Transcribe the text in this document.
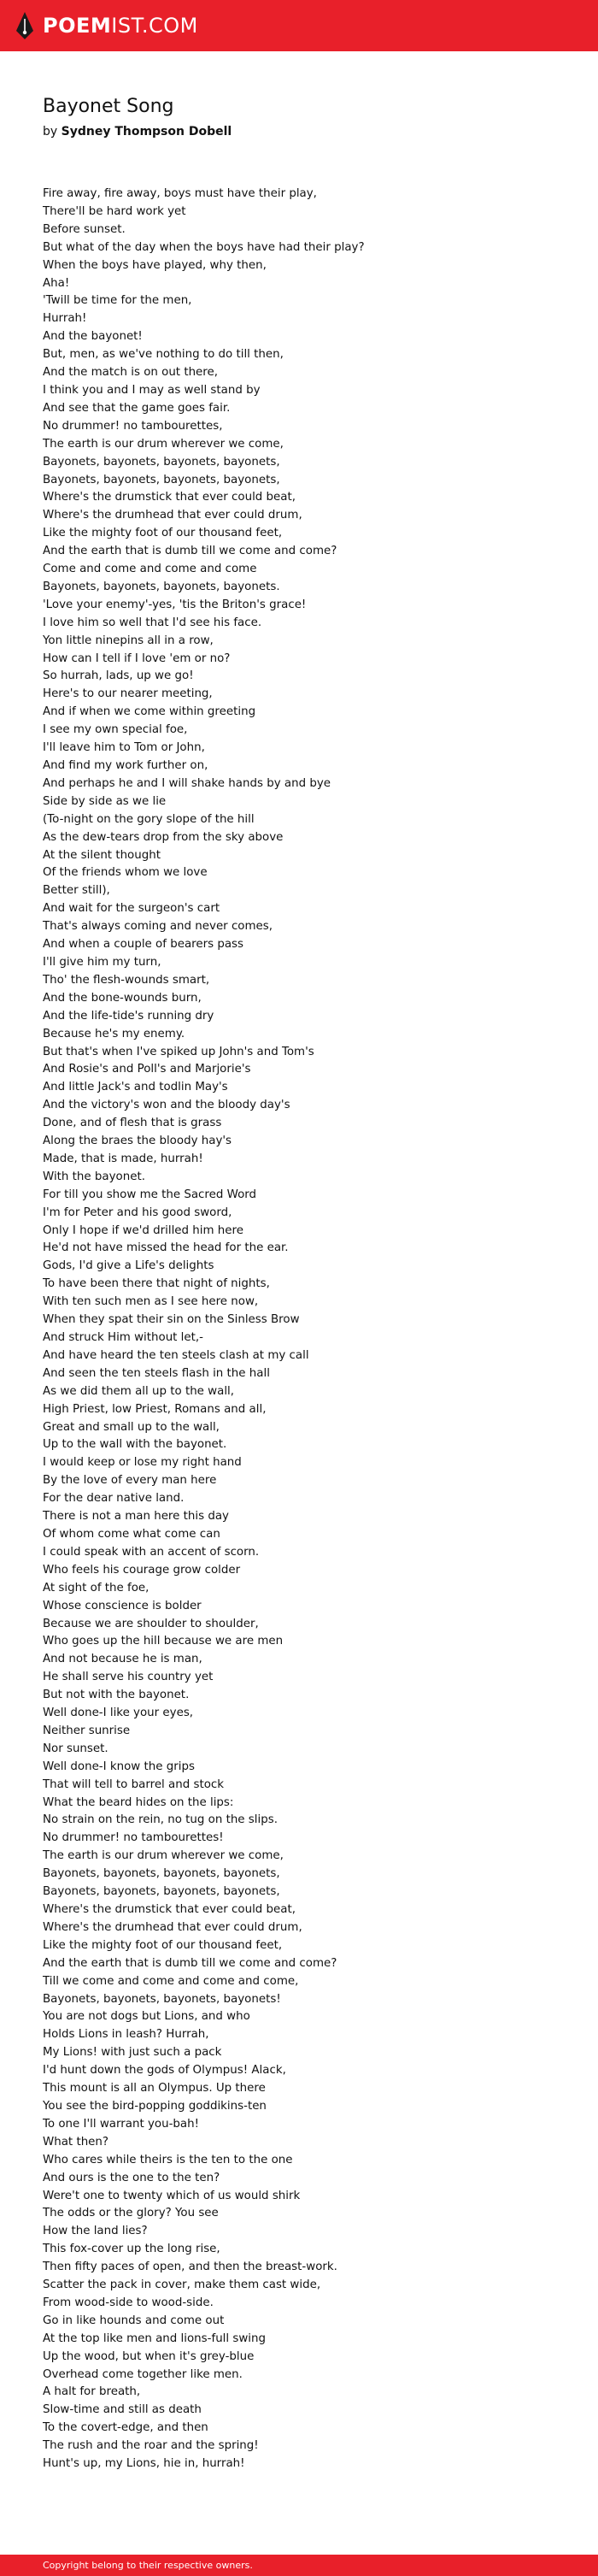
POEMIST.COM
Bayonet Song
by Sydney Thompson Dobell
Fire away, fire away, boys must have their play,
There'll be hard work yet
Before sunset.
But what of the day when the boys have had their play?
When the boys have played, why then,
Aha!
'Twill be time for the men,
Hurrah!
And the bayonet!
But, men, as we've nothing to do till then,
And the match is on out there,
I think you and I may as well stand by
And see that the game goes fair.
No drummer! no tambourettes,
The earth is our drum wherever we come,
Bayonets, bayonets, bayonets, bayonets,
Bayonets, bayonets, bayonets, bayonets,
Where's the drumstick that ever could beat,
Where's the drumhead that ever could drum,
Like the mighty foot of our thousand feet,
And the earth that is dumb till we come and come?
Come and come and come and come
Bayonets, bayonets, bayonets, bayonets.
'Love your enemy'-yes, 'tis the Briton's grace!
I love him so well that I'd see his face.
Yon little ninepins all in a row,
How can I tell if I love 'em or no?
So hurrah, lads, up we go!
Here's to our nearer meeting,
And if when we come within greeting
I see my own special foe,
I'll leave him to Tom or John,
And find my work further on,
And perhaps he and I will shake hands by and bye
Side by side as we lie
(To-night on the gory slope of the hill
As the dew-tears drop from the sky above
At the silent thought
Of the friends whom we love
Better still),
And wait for the surgeon's cart
That's always coming and never comes,
And when a couple of bearers pass
I'll give him my turn,
Tho' the flesh-wounds smart,
And the bone-wounds burn,
And the life-tide's running dry
Because he's my enemy.
But that's when I've spiked up John's and Tom's
And Rosie's and Poll's and Marjorie's
And little Jack's and todlin May's
And the victory's won and the bloody day's
Done, and of flesh that is grass
Along the braes the bloody hay's
Made, that is made, hurrah!
With the bayonet.
For till you show me the Sacred Word
I'm for Peter and his good sword,
Only I hope if we'd drilled him here
He'd not have missed the head for the ear.
Gods, I'd give a Life's delights
To have been there that night of nights,
With ten such men as I see here now,
When they spat their sin on the Sinless Brow
And struck Him without let,-
And have heard the ten steels clash at my call
And seen the ten steels flash in the hall
As we did them all up to the wall,
High Priest, low Priest, Romans and all,
Great and small up to the wall,
Up to the wall with the bayonet.
I would keep or lose my right hand
By the love of every man here
For the dear native land.
There is not a man here this day
Of whom come what come can
I could speak with an accent of scorn.
Who feels his courage grow colder
At sight of the foe,
Whose conscience is bolder
Because we are shoulder to shoulder,
Who goes up the hill because we are men
And not because he is man,
He shall serve his country yet
But not with the bayonet.
Well done-I like your eyes,
Neither sunrise
Nor sunset.
Well done-I know the grips
That will tell to barrel and stock
What the beard hides on the lips:
No strain on the rein, no tug on the slips.
No drummer! no tambourettes!
The earth is our drum wherever we come,
Bayonets, bayonets, bayonets, bayonets,
Bayonets, bayonets, bayonets, bayonets,
Where's the drumstick that ever could beat,
Where's the drumhead that ever could drum,
Like the mighty foot of our thousand feet,
And the earth that is dumb till we come and come?
Till we come and come and come and come,
Bayonets, bayonets, bayonets, bayonets!
You are not dogs but Lions, and who
Holds Lions in leash? Hurrah,
My Lions! with just such a pack
I'd hunt down the gods of Olympus! Alack,
This mount is all an Olympus. Up there
You see the bird-popping goddikins-ten
To one I'll warrant you-bah!
What then?
Who cares while theirs is the ten to the one
And ours is the one to the ten?
Were't one to twenty which of us would shirk
The odds or the glory? You see
How the land lies?
This fox-cover up the long rise,
Then fifty paces of open, and then the breast-work.
Scatter the pack in cover, make them cast wide,
From wood-side to wood-side.
Go in like hounds and come out
At the top like men and lions-full swing
Up the wood, but when it's grey-blue
Overhead come together like men.
A halt for breath,
Slow-time and still as death
To the covert-edge, and then
The rush and the roar and the spring!
Hunt's up, my Lions, hie in, hurrah!
Copyright belong to their respective owners.
